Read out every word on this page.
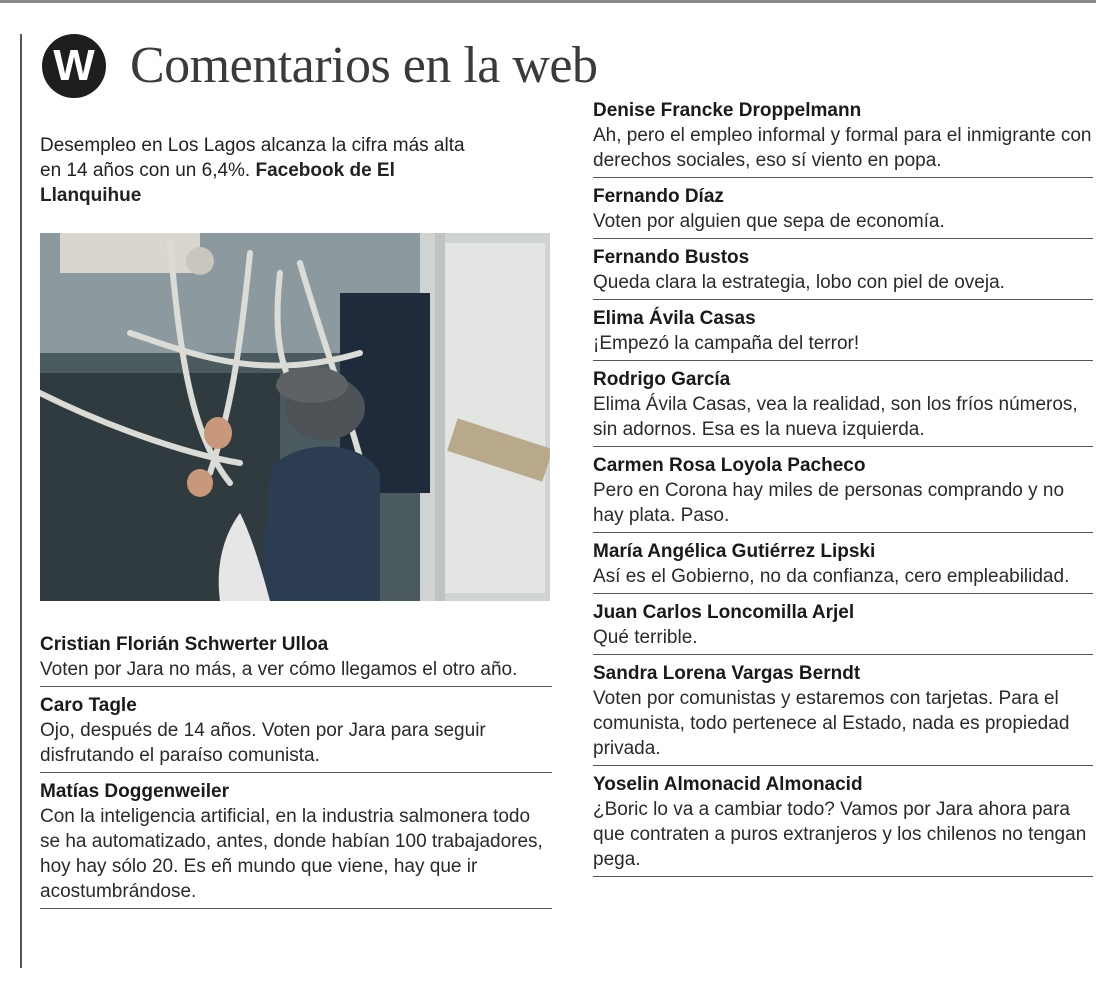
W Comentarios en la web
Desempleo en Los Lagos alcanza la cifra más alta en 14 años con un 6,4%. Facebook de El Llanquihue
Cristian Florián Schwerter Ulloa
Voten por Jara no más, a ver cómo llegamos el otro año.
Caro Tagle
Ojo, después de 14 años. Voten por Jara para seguir disfrutando el paraíso comunista.
Matías Doggenweiler
Con la inteligencia artificial, en la industria salmonera todo se ha automatizado, antes, donde habían 100 trabajadores, hoy hay sólo 20. Es eñ mundo que viene, hay que ir acostumbrándose.
Denise Francke Droppelmann
Ah, pero el empleo informal y formal para el inmigrante con derechos sociales, eso sí viento en popa.
Fernando Díaz
Voten por alguien que sepa de economía.
Fernando Bustos
Queda clara la estrategia, lobo con piel de oveja.
Elima Ávila Casas
¡Empezó la campaña del terror!
Rodrigo García
Elima Ávila Casas, vea la realidad, son los fríos números, sin adornos. Esa es la nueva izquierda.
Carmen Rosa Loyola Pacheco
Pero en Corona hay miles de personas comprando y no hay plata. Paso.
María Angélica Gutiérrez Lipski
Así es el Gobierno, no da confianza, cero empleabilidad.
Juan Carlos Loncomilla Arjel
Qué terrible.
Sandra Lorena Vargas Berndt
Voten por comunistas y estaremos con tarjetas. Para el comunista, todo pertenece al Estado, nada es propiedad privada.
Yoselin Almonacid Almonacid
¿Boric lo va a cambiar todo? Vamos por Jara ahora para que contraten a puros extranjeros y los chilenos no tengan pega.
